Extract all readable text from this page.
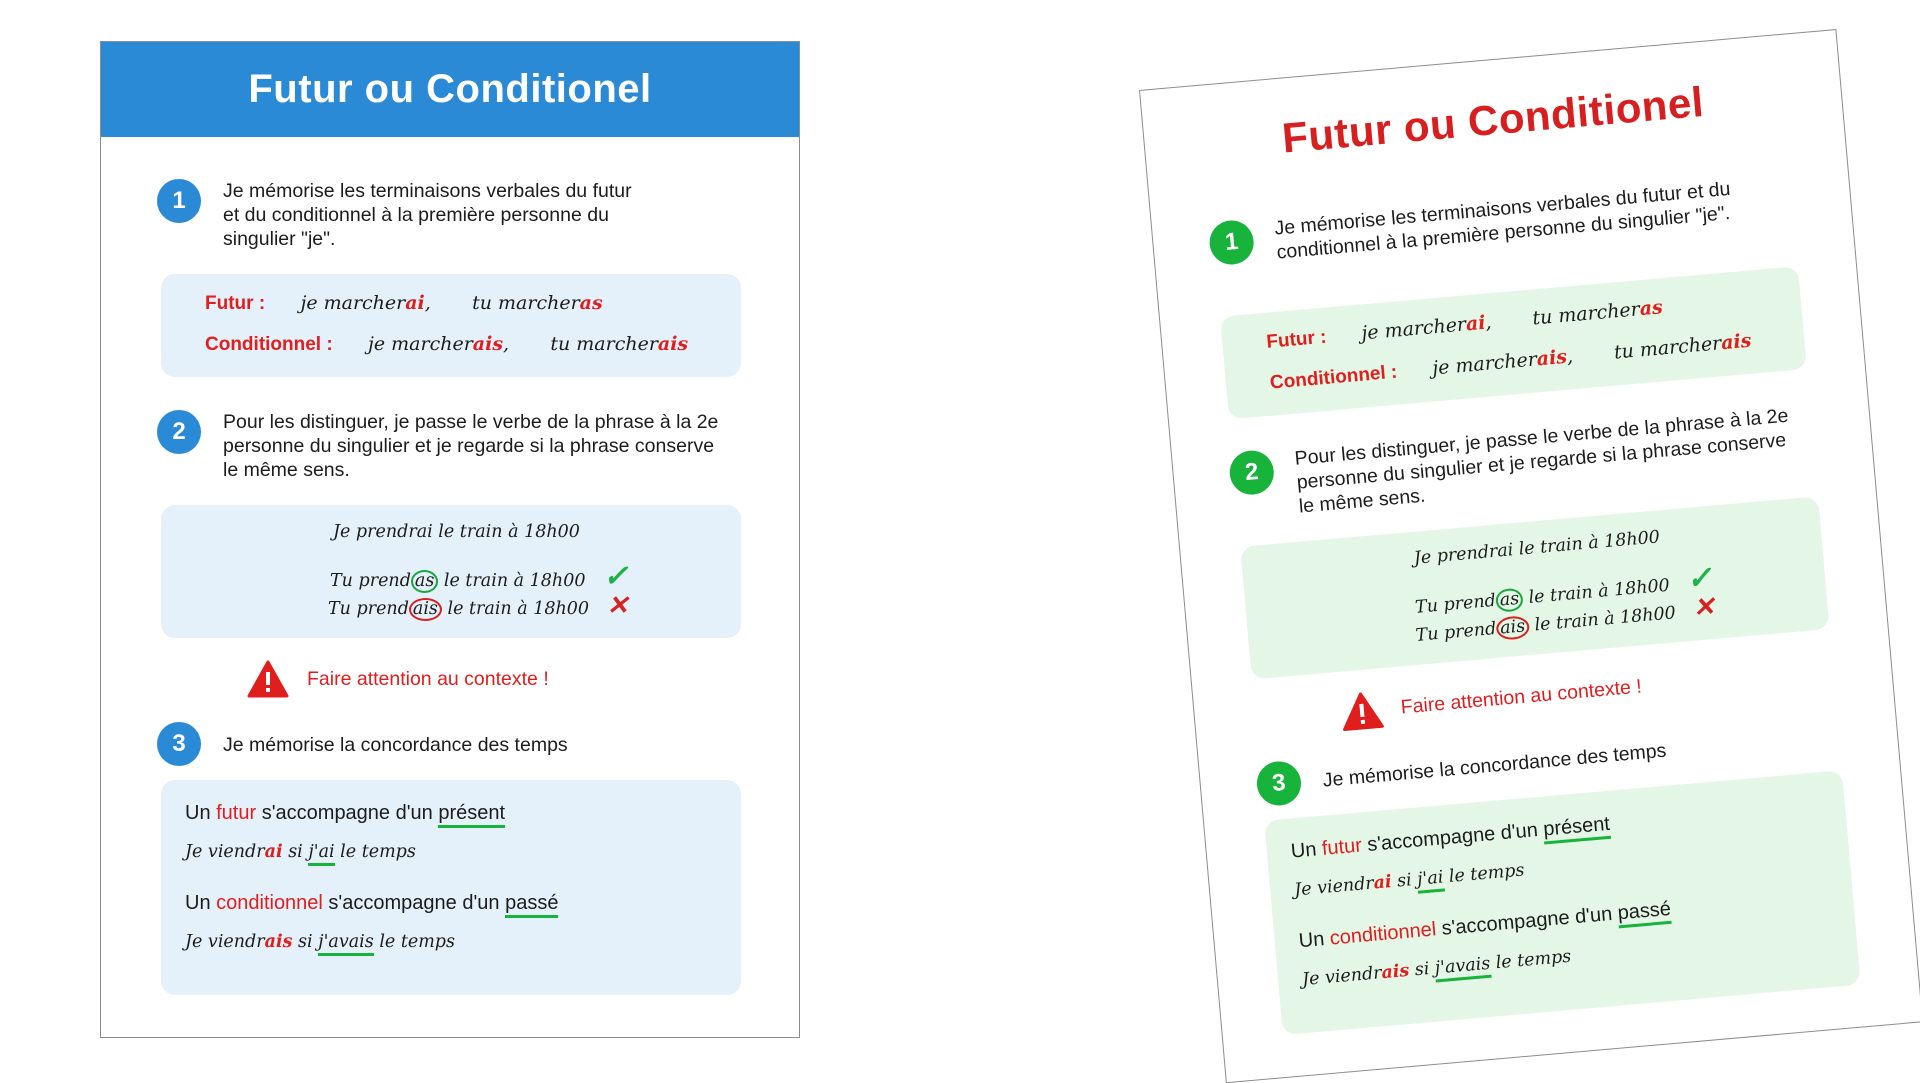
Futur ou Conditionel
1	Je mémorise les terminaisons verbales du futur et du conditionnel à la première personne du singulier "je".
Futur : je marcherai, tu marcheras
Conditionnel : je marcherais, tu marcherais
2	Pour les distinguer, je passe le verbe de la phrase à la 2e personne du singulier et je regarde si la phrase conserve le même sens.
Je prendrai le train à 18h00
Tu prend as le train à 18h00 ✓
Tu prend ais le train à 18h00 ✕
Faire attention au contexte !
3	Je mémorise la concordance des temps
Un futur s'accompagne d'un présent
Je viendrai si j'ai le temps
Un conditionnel s'accompagne d'un passé
Je viendrais si j'avais le temps
Futur ou Conditionel
1
Je mémorise les terminaisons verbales du futur et du conditionnel à la première personne du singulier "je".
Futur : je marcherai, tu marcheras
Conditionnel : je marcherais, tu marcherais
2
Pour les distinguer, je passe le verbe de la phrase à la 2e personne du singulier et je regarde si la phrase conserve le même sens.
Je prendrai le train à 18h00
Tu prend as le train à 18h00 ✓
Tu prend ais le train à 18h00 ✕
Faire attention au contexte !
3	Je mémorise la concordance des temps
Un futur s'accompagne d'un présent
Je viendrai si j'ai le temps
Un conditionnel s'accompagne d'un passé
Je viendrais si j'avais le temps
